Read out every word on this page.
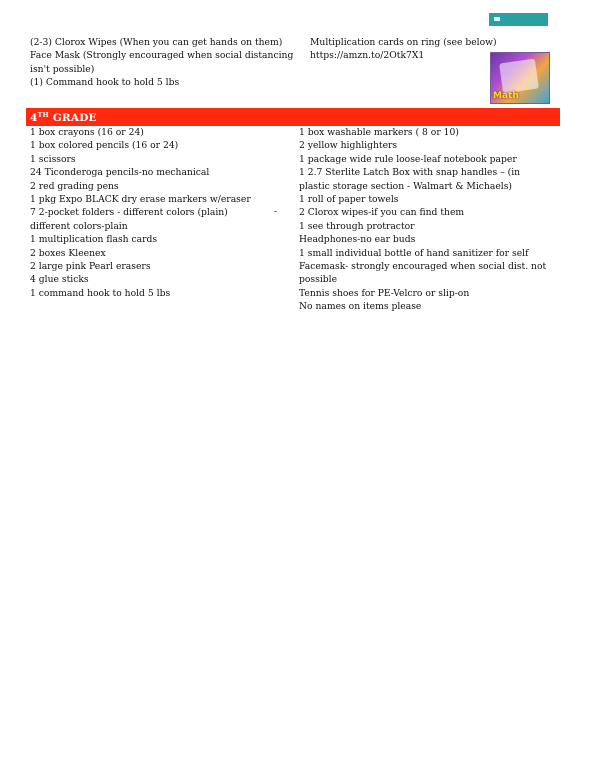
(2-3) Clorox Wipes (When you can get hands on them)
Face Mask (Strongly encouraged when social distancing isn't possible)
(1) Command hook to hold 5 lbs
Multiplication cards on ring (see below)
https://amzn.to/2Otk7X1
Math
4TH GRADE
1 box crayons (16 or 24)
1 box colored pencils (16 or 24)
1 scissors
24 Ticonderoga pencils-no mechanical
2 red grading pens
1 pkg Expo BLACK dry erase markers w/eraser
7 2-pocket folders - different colors (plain)
different colors-plain
1 multiplication flash cards
2 boxes Kleenex
2 large pink Pearl erasers
4 glue sticks
1 command hook to hold 5 lbs
-
1 box washable markers ( 8 or 10)
2 yellow highlighters
1 package wide rule loose-leaf notebook paper
1 2.7 Sterlite Latch Box with snap handles – (in plastic storage section - Walmart & Michaels)
1 roll of paper towels
2 Clorox wipes-if you can find them
1 see through protractor
Headphones-no ear buds
1 small individual bottle of hand sanitizer for self
Facemask- strongly encouraged when social dist. not possible
Tennis shoes for PE-Velcro or slip-on
No names on items please
